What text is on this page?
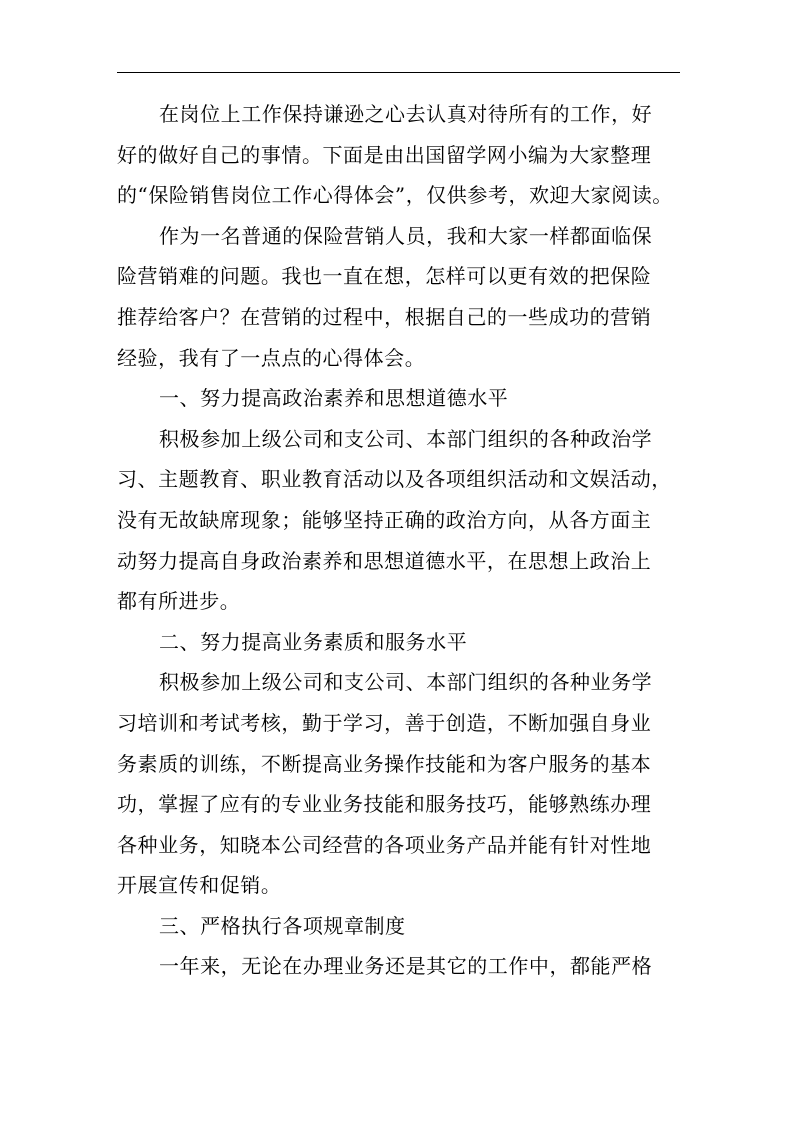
在岗位上工作保持谦逊之心去认真对待所有的工作，好
好的做好自己的事情。下面是由出国留学网小编为大家整理
的“保险销售岗位工作心得体会”，仅供参考，欢迎大家阅读。
作为一名普通的保险营销人员，我和大家一样都面临保
险营销难的问题。我也一直在想，怎样可以更有效的把保险
推荐给客户？在营销的过程中，根据自己的一些成功的营销
经验，我有了一点点的心得体会。
一、努力提高政治素养和思想道德水平
积极参加上级公司和支公司、本部门组织的各种政治学
习、主题教育、职业教育活动以及各项组织活动和文娱活动，
没有无故缺席现象；能够坚持正确的政治方向，从各方面主
动努力提高自身政治素养和思想道德水平，在思想上政治上
都有所进步。
二、努力提高业务素质和服务水平
积极参加上级公司和支公司、本部门组织的各种业务学
习培训和考试考核，勤于学习，善于创造，不断加强自身业
务素质的训练，不断提高业务操作技能和为客户服务的基本
功，掌握了应有的专业业务技能和服务技巧，能够熟练办理
各种业务，知晓本公司经营的各项业务产品并能有针对性地
开展宣传和促销。
三、严格执行各项规章制度
一年来，无论在办理业务还是其它的工作中，都能严格
